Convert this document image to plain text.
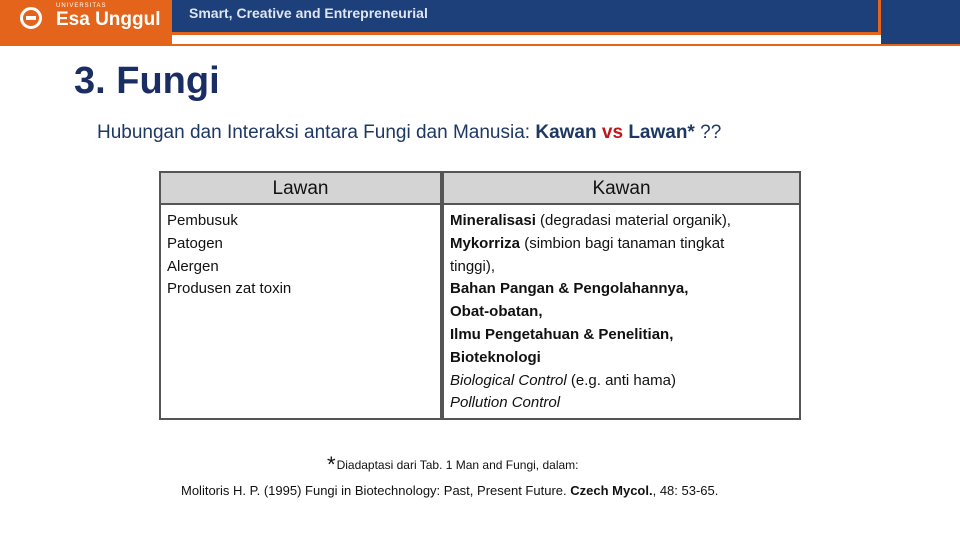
UNIVERSITAS
Esa Unggul Smart, Creative and Entrepreneurial
3. Fungi
Hubungan dan Interaksi antara Fungi dan Manusia: Kawan vs Lawan* ??
Lawan	Kawan
Pembusuk
Patogen
Alergen
Produsen zat toxin
Mineralisasi (degradasi material organik),
Mykorriza (simbion bagi tanaman tingkat
tinggi),
Bahan Pangan & Pengolahannya,
Obat-obatan,
Ilmu Pengetahuan & Penelitian,
Bioteknologi
Biological Control (e.g. anti hama)
Pollution Control
*Diadaptasi dari Tab. 1 Man and Fungi, dalam:
Molitoris H. P. (1995) Fungi in Biotechnology: Past, Present Future. Czech Mycol., 48: 53-65.
